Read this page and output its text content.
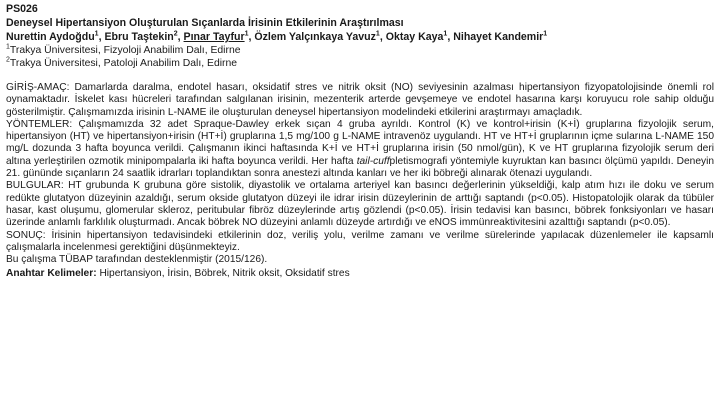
PS026
Deneysel Hipertansiyon Oluşturulan Sıçanlarda İrisinin Etkilerinin Araştırılması
Nurettin Aydoğdu$^1$, Ebru Taştekin$^2$, Pınar Tayfur$^1$, Özlem Yalçınkaya Yavuz$^1$, Oktay Kaya$^1$, Nihayet Kandemir$^1$
$^1$Trakya Üniversitesi, Fizyoloji Anabilim Dalı, Edirne
$^2$Trakya Üniversitesi, Patoloji Anabilim Dalı, Edirne

GİRİŞ-AMAÇ: Damarlarda daralma, endotel hasarı, oksidatif stres ve nitrik oksit (NO) seviyesinin azalması hipertansiyon fizyopatolojisinde önemli rol oynamaktadır. İskelet kası hücreleri tarafından salgılanan irisinin, mezenterik arterde gevşemeye ve endotel hasarına karşı koruyucu role sahip olduğu gösterilmiştir. Çalışmamızda irisinin L-NAME ile oluşturulan deneysel hipertansiyon modelindeki etkilerini araştırmayı amaçladık.

YÖNTEMLER: Çalışmamızda 32 adet Spraque-Dawley erkek sıçan 4 gruba ayrıldı. Kontrol (K) ve kontrol+irisin (K+İ) gruplarına fizyolojik serum, hipertansiyon (HT) ve hipertansiyon+irisin (HT+İ) gruplarına 1,5 mg/100 g L-NAME intravenöz uygulandı. HT ve HT+İ gruplarının içme sularına L-NAME 150 mg/L dozunda 3 hafta boyunca verildi. Çalışmanın ikinci haftasında K+İ ve HT+İ gruplarına irisin (50 nmol/gün), K ve HT gruplarına fizyolojik serum deri altına yerleştirilen ozmotik minipompalarla iki hafta boyunca verildi. Her hafta tail-cuffpletismografi yöntemiyle kuyruktan kan basıncı ölçümü yapıldı. Deneyin 21. gününde sıçanların 24 saatlik idrarları toplandıktan sonra anestezi altında kanları ve her iki böbreği alınarak ötenazi uygulandı.

BULGULAR: HT grubunda K grubuna göre sistolik, diyastolik ve ortalama arteriyel kan basıncı değerlerinin yükseldiği, kalp atım hızı ile doku ve serum redükte glutatyon düzeyinin azaldığı, serum okside glutatyon düzeyi ile idrar irisin düzeylerinin de arttığı saptandı (p<0.05). Histopatolojik olarak da tübüler hasar, kast oluşumu, glomerular skleroz, peritubular fibröz düzeylerinde artış gözlendi (p<0.05). İrisin tedavisi kan basıncı, böbrek fonksiyonları ve hasarı üzerinde anlamlı farklılık oluşturmadı. Ancak böbrek NO düzeyini anlamlı düzeyde artırdığı ve eNOS immünreaktivitesini azalttığı saptandı (p<0.05).

SONUÇ: İrisinin hipertansiyon tedavisindeki etkilerinin doz, veriliş yolu, verilme zamanı ve verilme sürelerinde yapılacak düzenlemeler ile kapsamlı çalışmalarla incelenmesi gerektiğini düşünmekteyiz.

Bu çalışma TÜBAP tarafından desteklenmiştir (2015/126).

Anahtar Kelimeler: Hipertansiyon, İrisin, Böbrek, Nitrik oksit, Oksidatif stres
